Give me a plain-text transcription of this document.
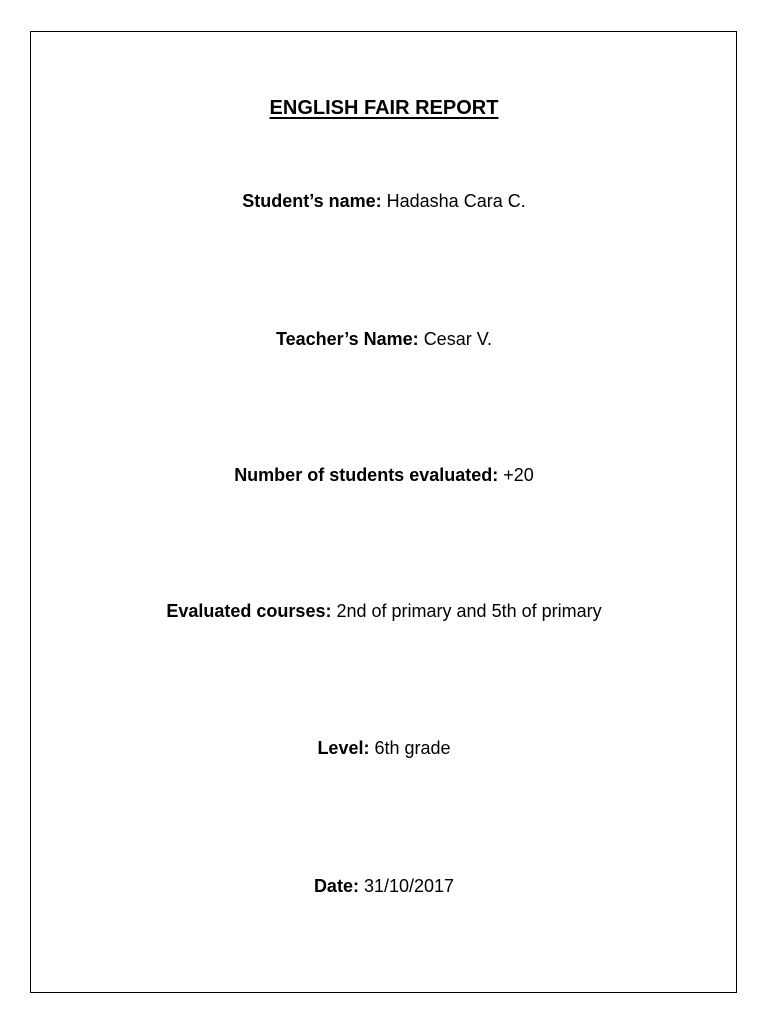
ENGLISH FAIR REPORT
Student’s name: Hadasha Cara C.
Teacher’s Name: Cesar V.
Number of students evaluated: +20
Evaluated courses: 2nd of primary and 5th of primary
Level: 6th grade
Date: 31/10/2017
